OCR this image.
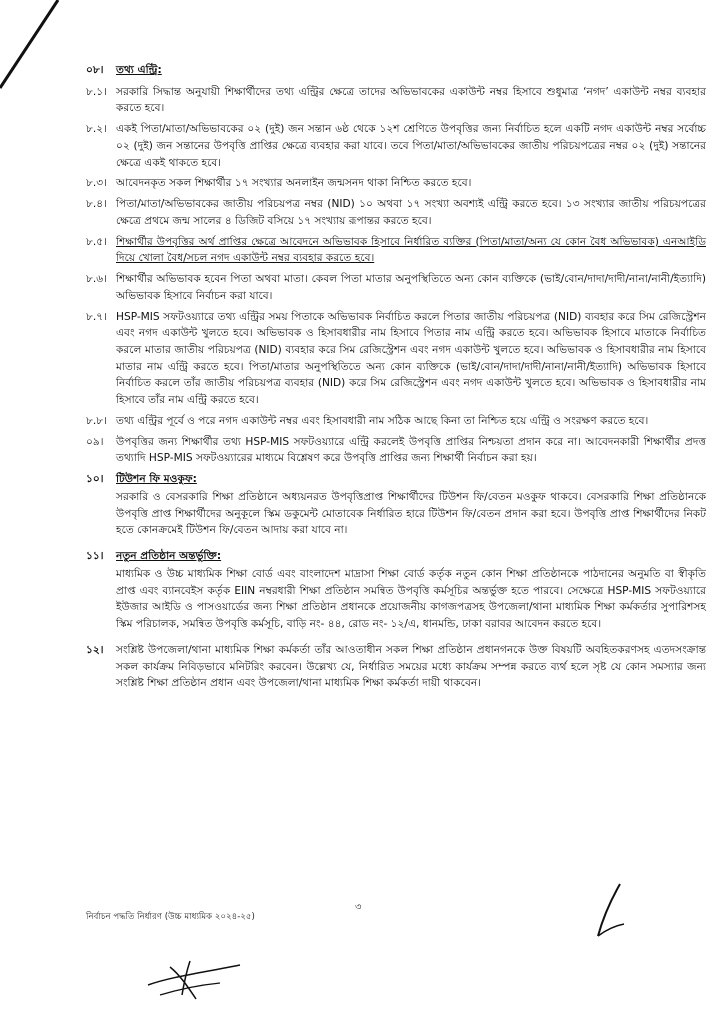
০৮।	তথ্য এন্ট্রি:
৮.১। সরকারি সিদ্ধান্ত অনুযায়ী শিক্ষার্থীদের তথ্য এন্ট্রির ক্ষেত্রে তাদের অভিভাবকের একাউন্ট নম্বর হিসাবে শুধুমাত্র ‘নগদ’ একাউন্ট নম্বর ব্যবহার করতে হবে।
৮.২। একই পিতা/মাতা/অভিভাবকের ০২ (দুই) জন সন্তান ৬ষ্ঠ থেকে ১২শ শ্রেণিতে উপবৃত্তির জন্য নির্বাচিত হলে একটি নগদ একাউন্ট নম্বর সর্বোচ্চ ০২ (দুই) জন সন্তানের উপবৃত্তি প্রাপ্তির ক্ষেত্রে ব্যবহার করা যাবে। তবে পিতা/মাতা/অভিভাবকের জাতীয় পরিচয়পত্রের নম্বর ০২ (দুই) সন্তানের ক্ষেত্রে একই থাকতে হবে।
৮.৩। আবেদনকৃত সকল শিক্ষার্থীর ১৭ সংখ্যার অনলাইন জন্মসনদ থাকা নিশ্চিত করতে হবে।
৮.৪। পিতা/মাতা/অভিভাবকের জাতীয় পরিচয়পত্র নম্বর (NID) ১০ অথবা ১৭ সংখ্যা অবশ্যই এন্ট্রি করতে হবে। ১৩ সংখ্যার জাতীয় পরিচয়পত্রের ক্ষেত্রে প্রথমে জন্ম সালের ৪ ডিজিট বসিয়ে ১৭ সংখ্যায় রূপান্তর করতে হবে।
৮.৫। শিক্ষার্থীর উপবৃত্তির অর্থ প্রাপ্তির ক্ষেত্রে আবেদনে অভিভাবক হিসাবে নির্ধারিত ব্যক্তির (পিতা/মাতা/অন্য যে কোন বৈধ অভিভাবক) এনআইডি দিয়ে খোলা বৈধ/সচল নগদ একাউন্ট নম্বর ব্যবহার করতে হবে।
৮.৬। শিক্ষার্থীর অভিভাবক হবেন পিতা অথবা মাতা। কেবল পিতা মাতার অনুপস্থিতিতে অন্য কোন ব্যক্তিকে (ভাই/বোন/দাদা/দাদী/নানা/নানী/ইত্যাদি) অভিভাবক হিসাবে নির্বাচন করা যাবে।
৮.৭। HSP-MIS সফটওয়্যারে তথ্য এন্ট্রির সময় পিতাকে অভিভাবক নির্বাচিত করলে পিতার জাতীয় পরিচয়পত্র (NID) ব্যবহার করে সিম রেজিস্ট্রেশন এবং নগদ একাউন্ট খুলতে হবে। অভিভাবক ও হিসাবধারীর নাম হিসাবে পিতার নাম এন্ট্রি করতে হবে। অভিভাবক হিসাবে মাতাকে নির্বাচিত করলে মাতার জাতীয় পরিচয়পত্র (NID) ব্যবহার করে সিম রেজিস্ট্রেশন এবং নগদ একাউন্ট খুলতে হবে। অভিভাবক ও হিসাবধারীর নাম হিসাবে মাতার নাম এন্ট্রি করতে হবে। পিতা/মাতার অনুপস্থিতিতে অন্য কোন ব্যক্তিকে (ভাই/বোন/দাদা/দাদী/নানা/নানী/ইত্যাদি) অভিভাবক হিসাবে নির্বাচিত করলে তাঁর জাতীয় পরিচয়পত্র ব্যবহার (NID) করে সিম রেজিস্ট্রেশন এবং নগদ একাউন্ট খুলতে হবে। অভিভাবক ও হিসাবধারীর নাম হিসাবে তাঁর নাম এন্ট্রি করতে হবে।
৮.৮। তথ্য এন্ট্রির পূর্বে ও পরে নগদ একাউন্ট নম্বর এবং হিসাবধারী নাম সঠিক আছে কিনা তা নিশ্চিত হয়ে এন্ট্রি ও সংরক্ষণ করতে হবে।
০৯।	উপবৃত্তির জন্য শিক্ষার্থীর তথ্য HSP-MIS সফটওয়্যারে এন্ট্রি করলেই উপবৃত্তি প্রাপ্তির নিশ্চয়তা প্রদান করে না। আবেদনকারী শিক্ষার্থীর প্রদত্ত তথ্যাদি HSP-MIS সফটওয়্যারের মাধ্যমে বিশ্লেষণ করে উপবৃত্তি প্রাপ্তির জন্য শিক্ষার্থী নির্বাচন করা হয়।
১০।	টিউশন ফি মওকুফ:
সরকারি ও বেসরকারি শিক্ষা প্রতিষ্ঠানে অধ্যয়নরত উপবৃত্তিপ্রাপ্ত শিক্ষার্থীদের টিউশন ফি/বেতন মওকুফ থাকবে। বেসরকারি শিক্ষা প্রতিষ্ঠানকে উপবৃত্তি প্রাপ্ত শিক্ষার্থীদের অনুকূলে স্কিম ডকুমেন্ট মোতাবেক নির্ধারিত হারে টিউশন ফি/বেতন প্রদান করা হবে। উপবৃত্তি প্রাপ্ত শিক্ষার্থীদের নিকট হতে কোনক্রমেই টিউশন ফি/বেতন আদায় করা যাবে না।
১১।	নতুন প্রতিষ্ঠান অন্তর্ভুক্তি:
মাধ্যমিক ও উচ্চ মাধ্যমিক শিক্ষা বোর্ড এবং বাংলাদেশ মাদ্রাসা শিক্ষা বোর্ড কর্তৃক নতুন কোন শিক্ষা প্রতিষ্ঠানকে পাঠদানের অনুমতি বা স্বীকৃতি প্রাপ্ত এবং ব্যানবেইস কর্তৃক EIIN নম্বরধারী শিক্ষা প্রতিষ্ঠান সমন্বিত উপবৃত্তি কর্মসূচির অন্তর্ভুক্ত হতে পারবে। সেক্ষেত্রে HSP-MIS সফটওয়্যারে ইউজার আইডি ও পাসওয়ার্ডের জন্য শিক্ষা প্রতিষ্ঠান প্রধানকে প্রয়োজনীয় কাগজপত্রসহ উপজেলা/থানা মাধ্যমিক শিক্ষা কর্মকর্তার সুপারিশসহ স্কিম পরিচালক, সমন্বিত উপবৃত্তি কর্মসূচি, বাড়ি নং- ৪৪, রোড নং- ১২/এ, ধানমন্ডি, ঢাকা বরাবর আবেদন করতে হবে।
১২।	সংশ্লিষ্ট উপজেলা/থানা মাধ্যমিক শিক্ষা কর্মকর্তা তাঁর আওতাধীন সকল শিক্ষা প্রতিষ্ঠান প্রধানগনকে উক্ত বিষয়টি অবহিতকরণসহ এতদসংক্রান্ত সকল কার্যক্রম নিবিড়ভাবে মনিটরিং করবেন। উল্লেখ্য যে, নির্ধারিত সময়ের মধ্যে কার্যক্রম সম্পন্ন করতে ব্যর্থ হলে সৃষ্ট যে কোন সমস্যার জন্য সংশ্লিষ্ট শিক্ষা প্রতিষ্ঠান প্রধান এবং উপজেলা/থানা মাধ্যমিক শিক্ষা কর্মকর্তা দায়ী থাকবেন।
৩
নির্বাচন পদ্ধতি নির্ধারণ (উচ্চ মাধ্যমিক ২০২৪-২৫)
